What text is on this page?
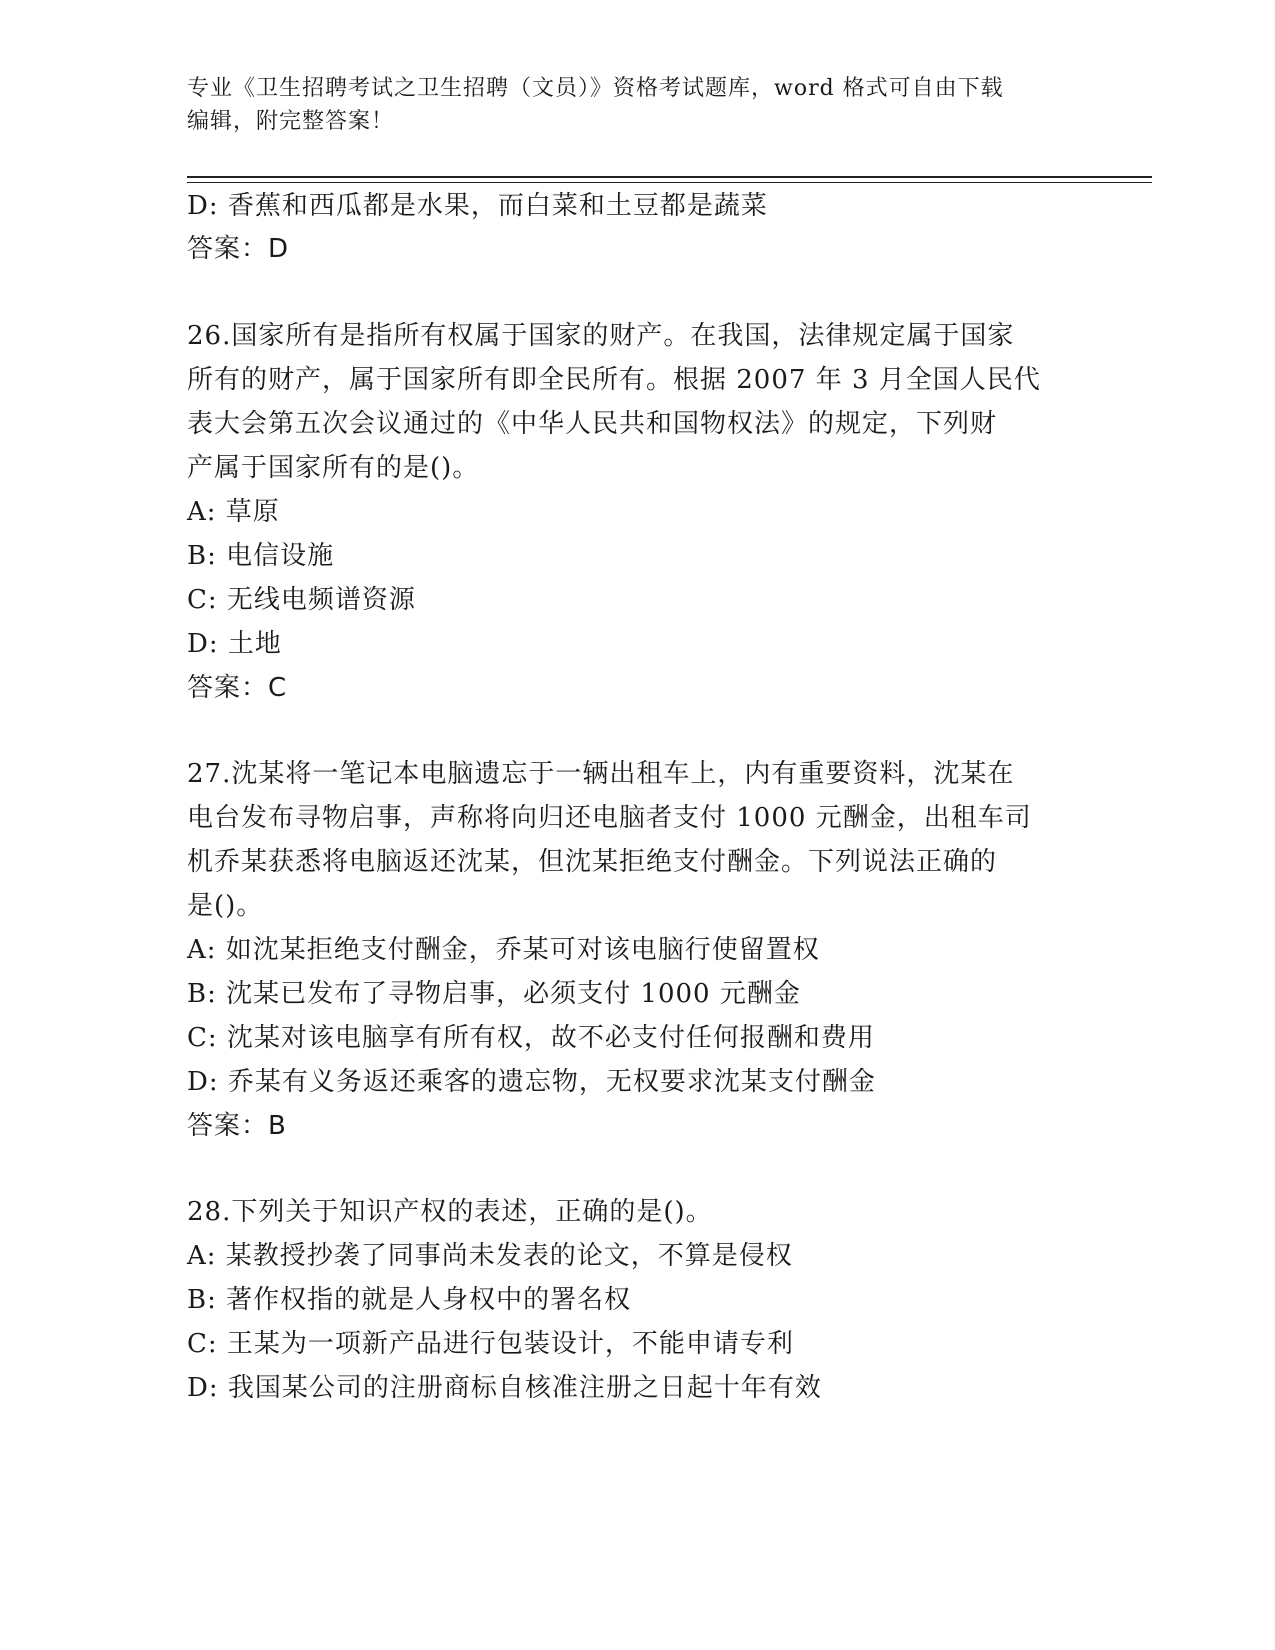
专业《卫生招聘考试之卫生招聘（文员）》资格考试题库，word 格式可自由下载
编辑，附完整答案！
D: 香蕉和西瓜都是水果，而白菜和土豆都是蔬菜
答案：D
26.国家所有是指所有权属于国家的财产。在我国，法律规定属于国家
所有的财产，属于国家所有即全民所有。根据 2007 年 3 月全国人民代
表大会第五次会议通过的《中华人民共和国物权法》的规定，下列财
产属于国家所有的是()。
A: 草原
B: 电信设施
C: 无线电频谱资源
D: 土地
答案：C
27.沈某将一笔记本电脑遗忘于一辆出租车上，内有重要资料，沈某在
电台发布寻物启事，声称将向归还电脑者支付 1000 元酬金，出租车司
机乔某获悉将电脑返还沈某，但沈某拒绝支付酬金。下列说法正确的
是()。
A: 如沈某拒绝支付酬金，乔某可对该电脑行使留置权
B: 沈某已发布了寻物启事，必须支付 1000 元酬金
C: 沈某对该电脑享有所有权，故不必支付任何报酬和费用
D: 乔某有义务返还乘客的遗忘物，无权要求沈某支付酬金
答案：B
28.下列关于知识产权的表述，正确的是()。
A: 某教授抄袭了同事尚未发表的论文，不算是侵权
B: 著作权指的就是人身权中的署名权
C: 王某为一项新产品进行包装设计，不能申请专利
D: 我国某公司的注册商标自核准注册之日起十年有效
